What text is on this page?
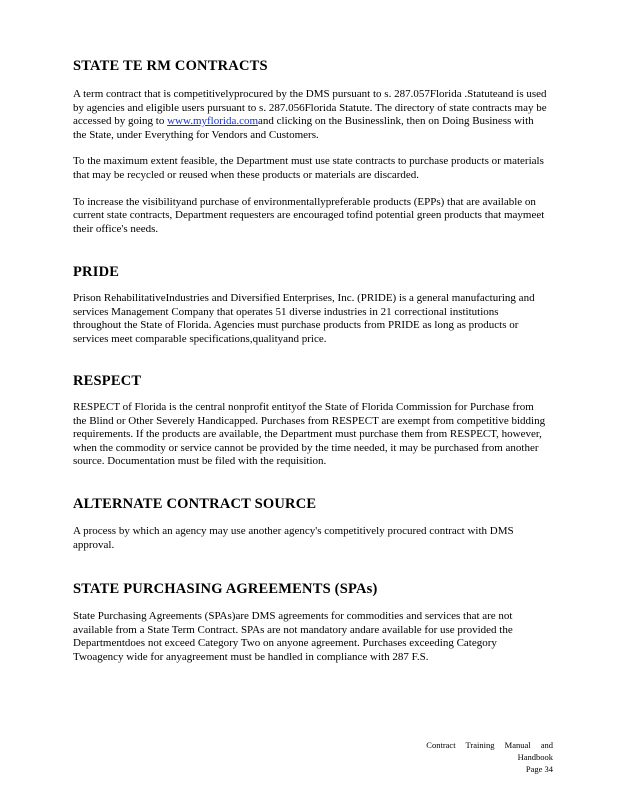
STATE TE RM CONTRACTS

A term contract that is competitivelyprocured by the DMS pursuant to s. 287.057Florida .Statuteand is used by agencies and eligible users pursuant to s. 287.056Florida Statute. The directory of state contracts may be accessed by going to www.myflorida.comand clicking on the Businesslink, then on Doing Business with the State, under Everything for Vendors and Customers.

To the maximum extent feasible, the Department must use state contracts to purchase products or materials that may be recycled or reused when these products or materials are discarded.

To increase the visibilityand purchase of environmentallypreferable products (EPPs) that are available on current state contracts, Department requesters are encouraged tofind potential green products that maymeet their office's needs.

PRIDE

Prison RehabilitativeIndustries and Diversified Enterprises, Inc. (PRIDE) is a general manufacturing and services Management Company that operates 51 diverse industries in 21 correctional institutions throughout the State of Florida. Agencies must purchase products from PRIDE as long as products or services meet comparable specifications,qualityand price.

RESPECT

RESPECT of Florida is the central nonprofit entityof the State of Florida Commission for Purchase from the Blind or Other Severely Handicapped. Purchases from RESPECT are exempt from competitive bidding requirements. If the products are available, the Department must purchase them from RESPECT, however, when the commodity or service cannot be provided by the time needed, it may be purchased from another source. Documentation must be filed with the requisition.

ALTERNATE CONTRACT SOURCE

A process by which an agency may use another agency's competitively procured contract with DMS approval.

STATE PURCHASING AGREEMENTS (SPAs)

State Purchasing Agreements (SPAs)are DMS agreements for commodities and services that are not available from a State Term Contract. SPAs are not mandatory andare available for use provided the Departmentdoes not exceed Category Two on anyone agreement. Purchases exceeding Category Twoagency wide for anyagreement must be handled in compliance with 287 F.S.

Contract Training Manual and Handbook
Page 34
